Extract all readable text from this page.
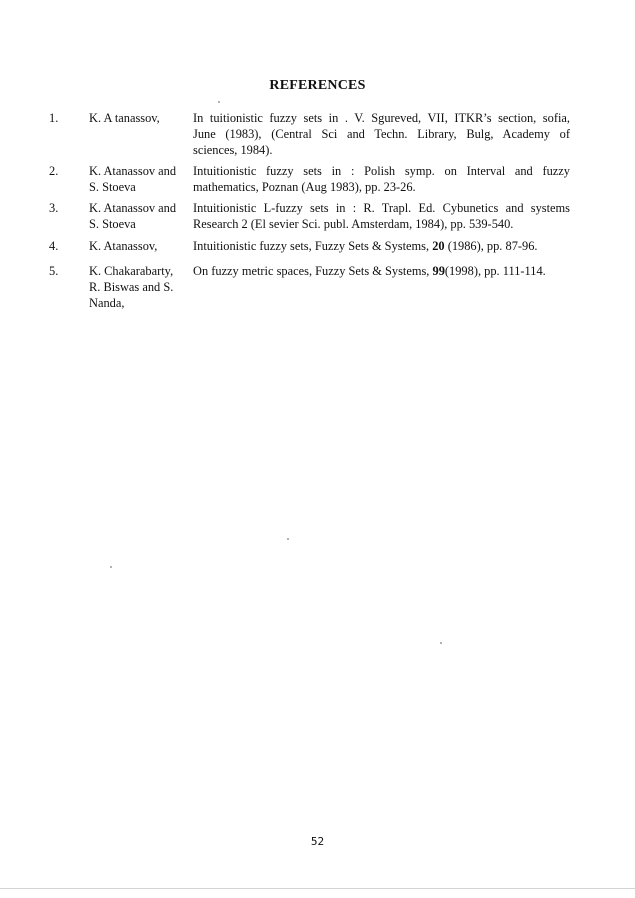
REFERENCES
1. K. A tanassov,	In tuitionistic fuzzy sets in . V. Sgureved, VII, ITKR’s section, sofia,
June (1983), (Central Sci and Techn. Library, Bulg, Academy of
sciences, 1984).
2. K. Atanassov and
S. Stoeva
Intuitionistic fuzzy sets in : Polish symp. on Interval and fuzzy
mathematics, Poznan (Aug 1983), pp. 23-26.
3. K. Atanassov and
S. Stoeva
Intuitionistic L-fuzzy sets in : R. Trapl. Ed. Cybunetics and systems
Research 2 (El sevier Sci. publ. Amsterdam, 1984), pp. 539-540.
4. K. Atanassov,	Intuitionistic fuzzy sets, Fuzzy Sets & Systems, 20 (1986), pp. 87-96.
5. K. Chakarabarty,
R. Biswas and S.
Nanda,
On fuzzy metric spaces, Fuzzy Sets & Systems, 99(1998), pp. 111-114.
52
